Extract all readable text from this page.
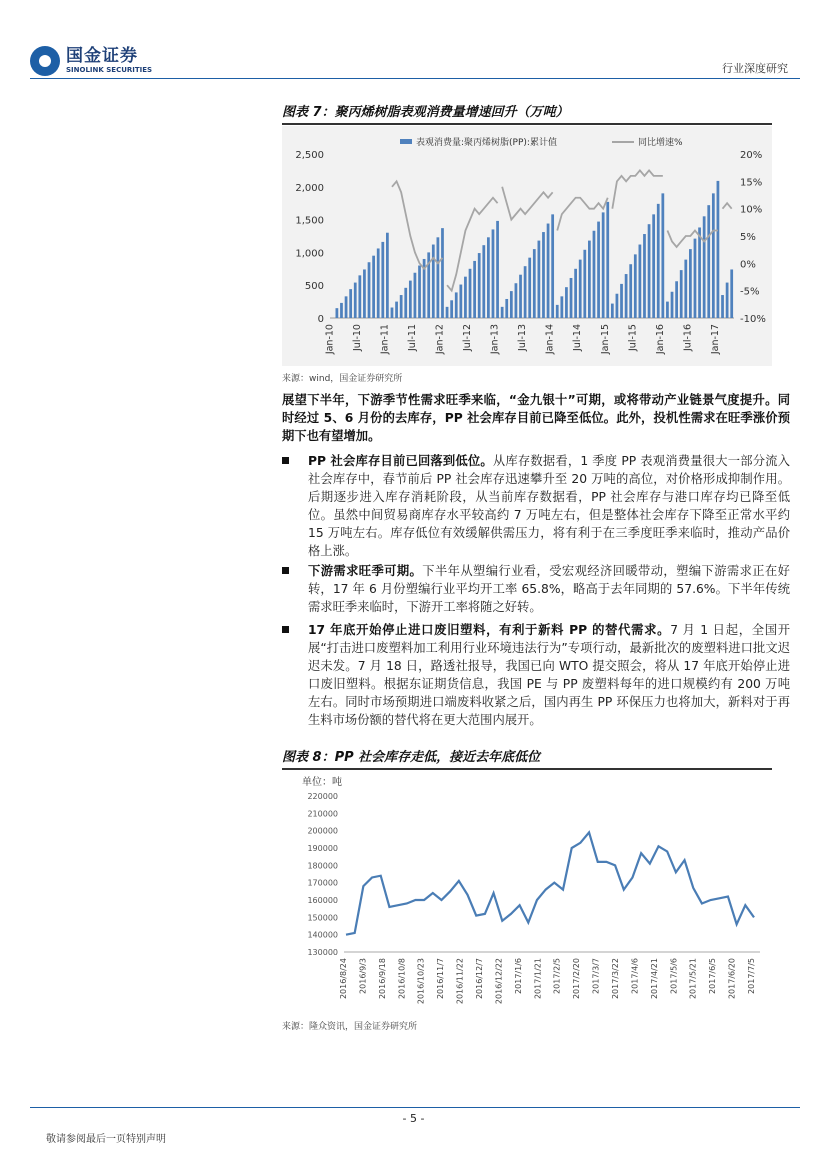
国金证券
SINOLINK SECURITIES	行业深度研究
图表 7：聚丙烯树脂表观消费量增速回升（万吨）
表观消费量:聚丙烯树脂(PP):累计值	同比增速%
0
500
1,000
1,500
2,000
2,500
-10%
-5%
0%
5%
10%
15%
20%
Jan-10 Jul-10 Jan-11 Jul-11 Jan-12 Jul-12 Jan-13 Jul-13 Jan-14 Jul-14 Jan-15 Jul-15 Jan-16 Jul-16 Jan-17
来源：wind，国金证券研究所
展望下半年，下游季节性需求旺季来临，“金九银十”可期，或将带动产业链景气度提升。同时经过 5、6 月份的去库存，PP 社会库存目前已降至低位。此外，投机性需求在旺季涨价预期下也有望增加。
PP 社会库存目前已回落到低位。从库存数据看，1 季度 PP 表观消费量很大一部分流入社会库存中，春节前后 PP 社会库存迅速攀升至 20 万吨的高位，对价格形成抑制作用。后期逐步进入库存消耗阶段，从当前库存数据看，PP 社会库存与港口库存均已降至低位。虽然中间贸易商库存水平较高约 7 万吨左右，但是整体社会库存下降至正常水平约 15 万吨左右。库存低位有效缓解供需压力，将有利于在三季度旺季来临时，推动产品价格上涨。
下游需求旺季可期。下半年从塑编行业看，受宏观经济回暖带动，塑编下游需求正在好转，17 年 6 月份塑编行业平均开工率 65.8%，略高于去年同期的 57.6%。下半年传统需求旺季来临时，下游开工率将随之好转。
17 年底开始停止进口废旧塑料，有利于新料 PP 的替代需求。7 月 1 日起，全国开展“打击进口废塑料加工利用行业环境违法行为”专项行动，最新批次的废塑料进口批文迟迟未发。7 月 18 日，路透社报导，我国已向 WTO 提交照会，将从 17 年底开始停止进口废旧塑料。根据东证期货信息，我国 PE 与 PP 废塑料每年的进口规模约有 200 万吨左右。同时市场预期进口端废料收紧之后，国内再生 PP 环保压力也将加大，新料对于再生料市场份额的替代将在更大范围内展开。
图表 8：PP 社会库存走低，接近去年底低位
单位：吨
130000
140000
150000
160000
170000
180000
190000
200000
210000
220000
2016/8/24 2016/9/3 2016/9/18 2016/10/8 2016/10/23 2016/11/7 2016/11/22 2016/12/7 2016/12/22 2017/1/6 2017/1/21 2017/2/5 2017/2/20 2017/3/7 2017/3/22 2017/4/6 2017/4/21 2017/5/6 2017/5/21 2017/6/5 2017/6/20 2017/7/5
来源：隆众资讯，国金证券研究所
- 5 -
敬请参阅最后一页特别声明
